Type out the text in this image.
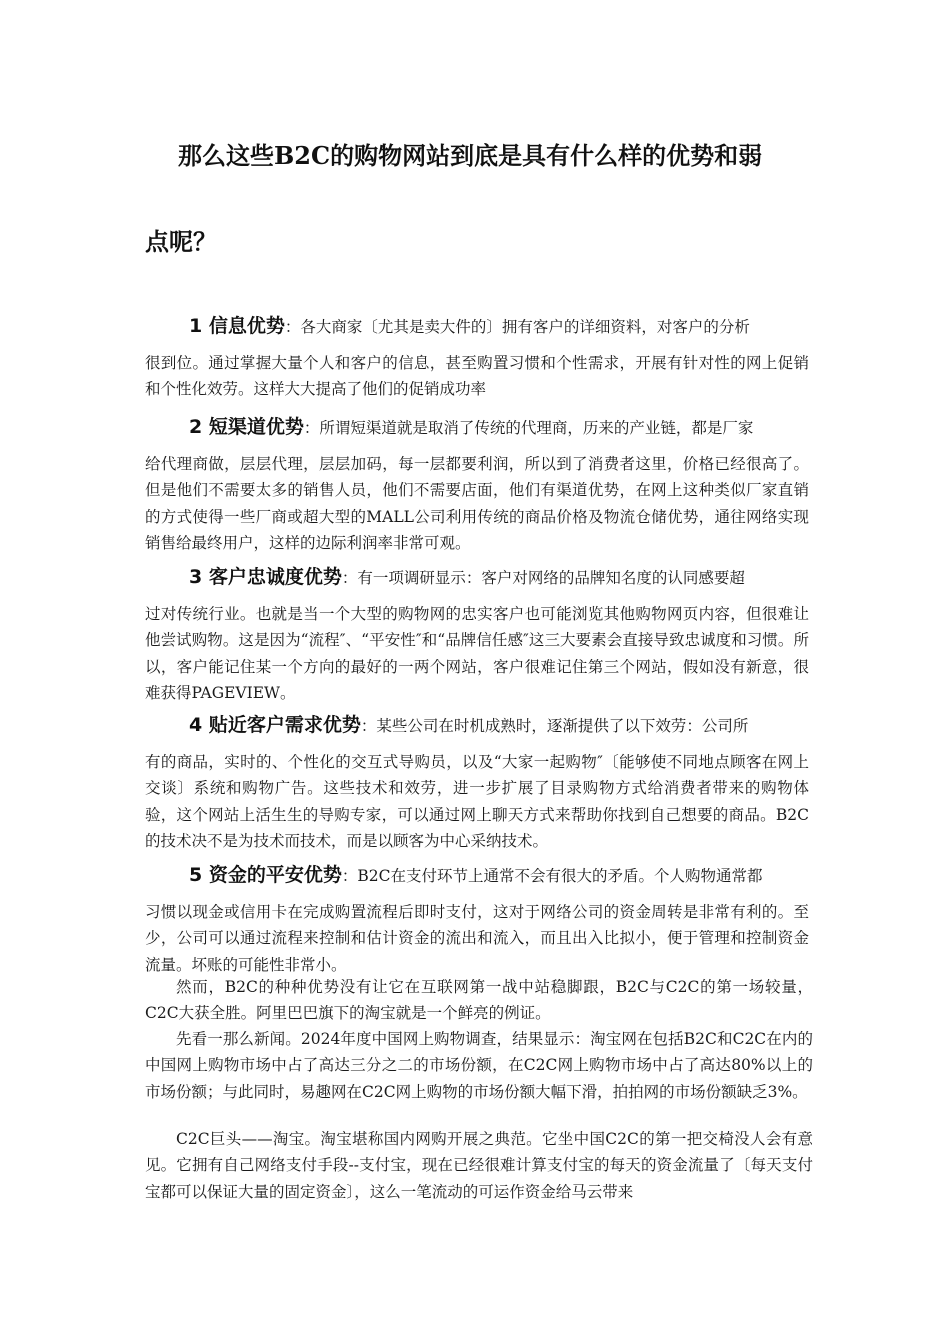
那么这些B2C的购物网站到底是具有什么样的优势和弱
点呢？
1 信息优势：各大商家〔尤其是卖大件的〕拥有客户的详细资料，对客户的分析
很到位。通过掌握大量个人和客户的信息，甚至购置习惯和个性需求，开展有针对性的网上促销和个性化效劳。这样大大提高了他们的促销成功率
2 短渠道优势：所谓短渠道就是取消了传统的代理商，历来的产业链，都是厂家
给代理商做，层层代理，层层加码，每一层都要利润，所以到了消费者这里，价格已经很高了。但是他们不需要太多的销售人员，他们不需要店面，他们有渠道优势，在网上这种类似厂家直销的方式使得一些厂商或超大型的MALL公司利用传统的商品价格及物流仓储优势，通往网络实现销售给最终用户，这样的边际利润率非常可观。
3 客户忠诚度优势：有一项调研显示：客户对网络的品牌知名度的认同感要超
过对传统行业。也就是当一个大型的购物网的忠实客户也可能浏览其他购物网页内容，但很难让他尝试购物。这是因为“流程″、“平安性″和“品牌信任感″这三大要素会直接导致忠诚度和习惯。所以，客户能记住某一个方向的最好的一两个网站，客户很难记住第三个网站，假如没有新意，很难获得PAGEVIEW。
4 贴近客户需求优势：某些公司在时机成熟时，逐渐提供了以下效劳：公司所
有的商品，实时的、个性化的交互式导购员，以及“大家一起购物″〔能够使不同地点顾客在网上交谈〕系统和购物广告。这些技术和效劳，进一步扩展了目录购物方式给消费者带来的购物体验，这个网站上活生生的导购专家，可以通过网上聊天方式来帮助你找到自己想要的商品。B2C的技术决不是为技术而技术，而是以顾客为中心采纳技术。
5 资金的平安优势：B2C在支付环节上通常不会有很大的矛盾。个人购物通常都
习惯以现金或信用卡在完成购置流程后即时支付，这对于网络公司的资金周转是非常有利的。至少，公司可以通过流程来控制和估计资金的流出和流入，而且出入比拟小，便于管理和控制资金流量。坏账的可能性非常小。

然而，B2C的种种优势没有让它在互联网第一战中站稳脚跟，B2C与C2C的第一场较量，C2C大获全胜。阿里巴巴旗下的淘宝就是一个鲜亮的例证。

先看一那么新闻。2024年度中国网上购物调查，结果显示：淘宝网在包括B2C和C2C在内的中国网上购物市场中占了高达三分之二的市场份额，在C2C网上购物市场中占了高达80%以上的市场份额；与此同时，易趣网在C2C网上购物的市场份额大幅下滑，拍拍网的市场份额缺乏3%。

C2C巨头——淘宝。淘宝堪称国内网购开展之典范。它坐中国C2C的第一把交椅没人会有意见。它拥有自己网络支付手段--支付宝，现在已经很难计算支付宝的每天的资金流量了〔每天支付宝都可以保证大量的固定资金〕，这么一笔流动的可运作资金给马云带来
